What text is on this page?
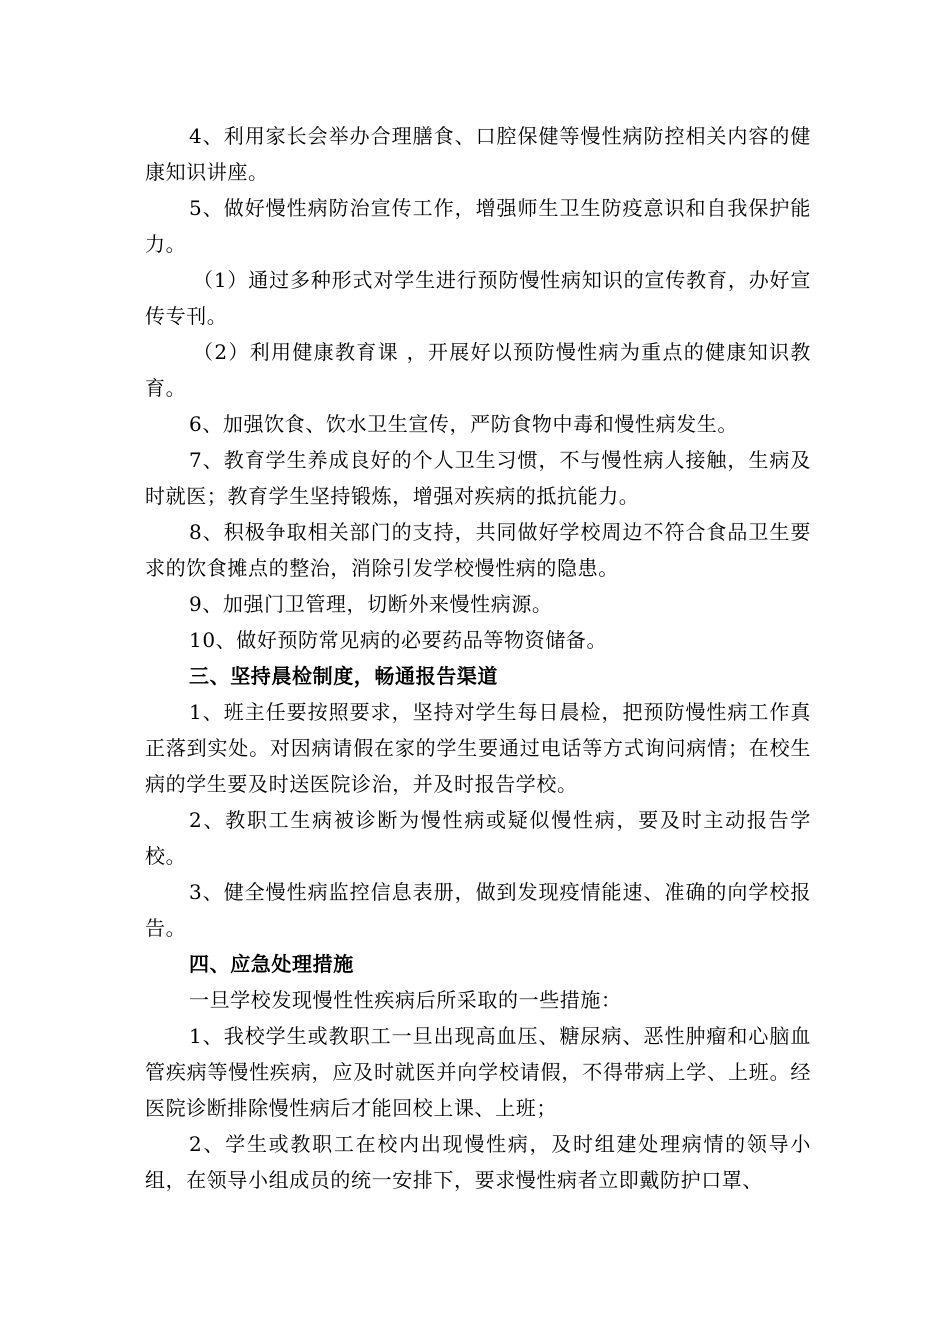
4、利用家长会举办合理膳食、口腔保健等慢性病防控相关内容的健康知识讲座。

5、做好慢性病防治宣传工作，增强师生卫生防疫意识和自我保护能力。

（1）通过多种形式对学生进行预防慢性病知识的宣传教育，办好宣传专刊。

（2）利用健康教育课 ，开展好以预防慢性病为重点的健康知识教育。

6、加强饮食、饮水卫生宣传，严防食物中毒和慢性病发生。

7、教育学生养成良好的个人卫生习惯，不与慢性病人接触，生病及时就医；教育学生坚持锻炼，增强对疾病的抵抗能力。

8、积极争取相关部门的支持，共同做好学校周边不符合食品卫生要求的饮食摊点的整治，消除引发学校慢性病的隐患。

9、加强门卫管理，切断外来慢性病源。

10、做好预防常见病的必要药品等物资储备。

三、坚持晨检制度，畅通报告渠道

1、班主任要按照要求，坚持对学生每日晨检，把预防慢性病工作真正落到实处。对因病请假在家的学生要通过电话等方式询问病情；在校生病的学生要及时送医院诊治，并及时报告学校。

2、教职工生病被诊断为慢性病或疑似慢性病，要及时主动报告学校。

3、健全慢性病监控信息表册，做到发现疫情能速、准确的向学校报告。

四、应急处理措施

一旦学校发现慢性性疾病后所采取的一些措施：

1、我校学生或教职工一旦出现高血压、糖尿病、恶性肿瘤和心脑血管疾病等慢性疾病，应及时就医并向学校请假，不得带病上学、上班。经医院诊断排除慢性病后才能回校上课、上班；

2、学生或教职工在校内出现慢性病，及时组建处理病情的领导小组，在领导小组成员的统一安排下，要求慢性病者立即戴防护口罩、
